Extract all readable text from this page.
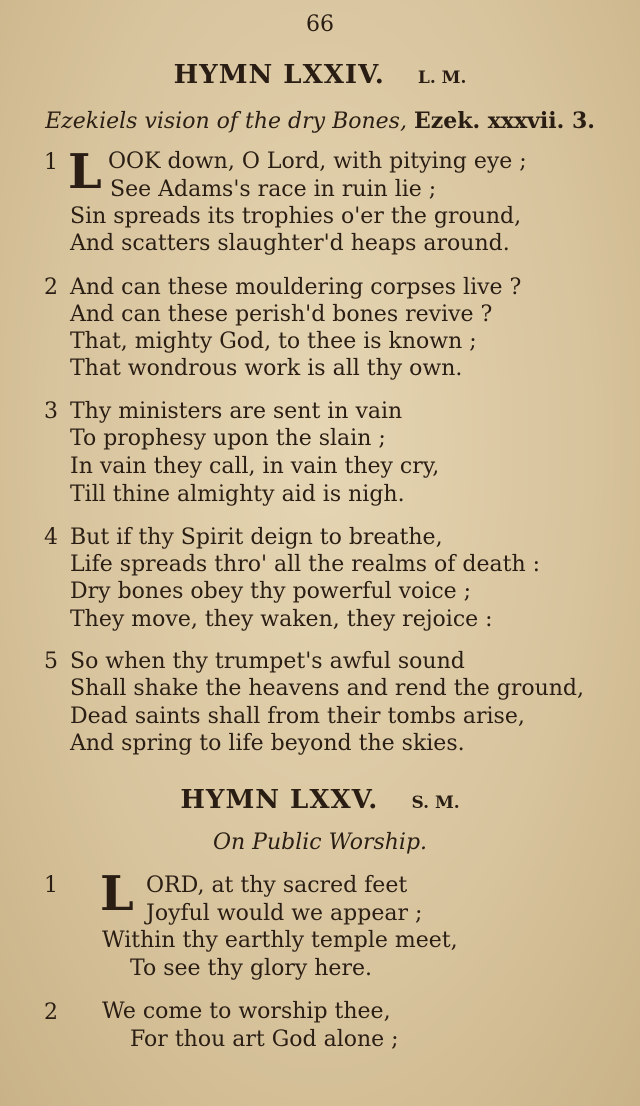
66
HYMN LXXIV. L. M.
Ezekiels vision of the dry Bones, Ezek. xxxvii. 3.
1 L OOK down, O Lord, with pitying eye ;
See Adams's race in ruin lie ;
Sin spreads its trophies o'er the ground,
And scatters slaughter'd heaps around.
2 And can these mouldering corpses live ?
And can these perish'd bones revive ?
That, mighty God, to thee is known ;
That wondrous work is all thy own.
3 Thy ministers are sent in vain
To prophesy upon the slain ;
In vain they call, in vain they cry,
Till thine almighty aid is nigh.
4 But if thy Spirit deign to breathe,
Life spreads thro' all the realms of death :
Dry bones obey thy powerful voice ;
They move, they waken, they rejoice :
5 So when thy trumpet's awful sound
Shall shake the heavens and rend the ground,
Dead saints shall from their tombs arise,
And spring to life beyond the skies.
HYMN LXXV. S. M.
On Public Worship.
1 L ORD, at thy sacred feet
Joyful would we appear ;
Within thy earthly temple meet,
To see thy glory here.
2 We come to worship thee,
For thou art God alone ;
